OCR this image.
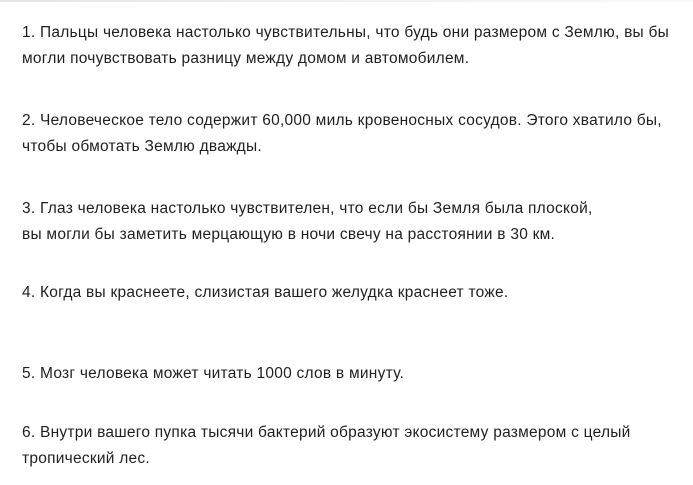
1. Пальцы человека настолько чувствительны, что будь они размером с Землю, вы бы
могли почувствовать разницу между домом и автомобилем.

2. Человеческое тело содержит 60,000 миль кровеносных сосудов. Этого хватило бы,
чтобы обмотать Землю дважды.

3. Глаз человека настолько чувствителен, что если бы Земля была плоской,
вы могли бы заметить мерцающую в ночи свечу на расстоянии в 30 км.

4. Когда вы краснеете, слизистая вашего желудка краснеет тоже.

5. Мозг человека может читать 1000 слов в минуту.

6. Внутри вашего пупка тысячи бактерий образуют экосистему размером с целый
тропический лес.
